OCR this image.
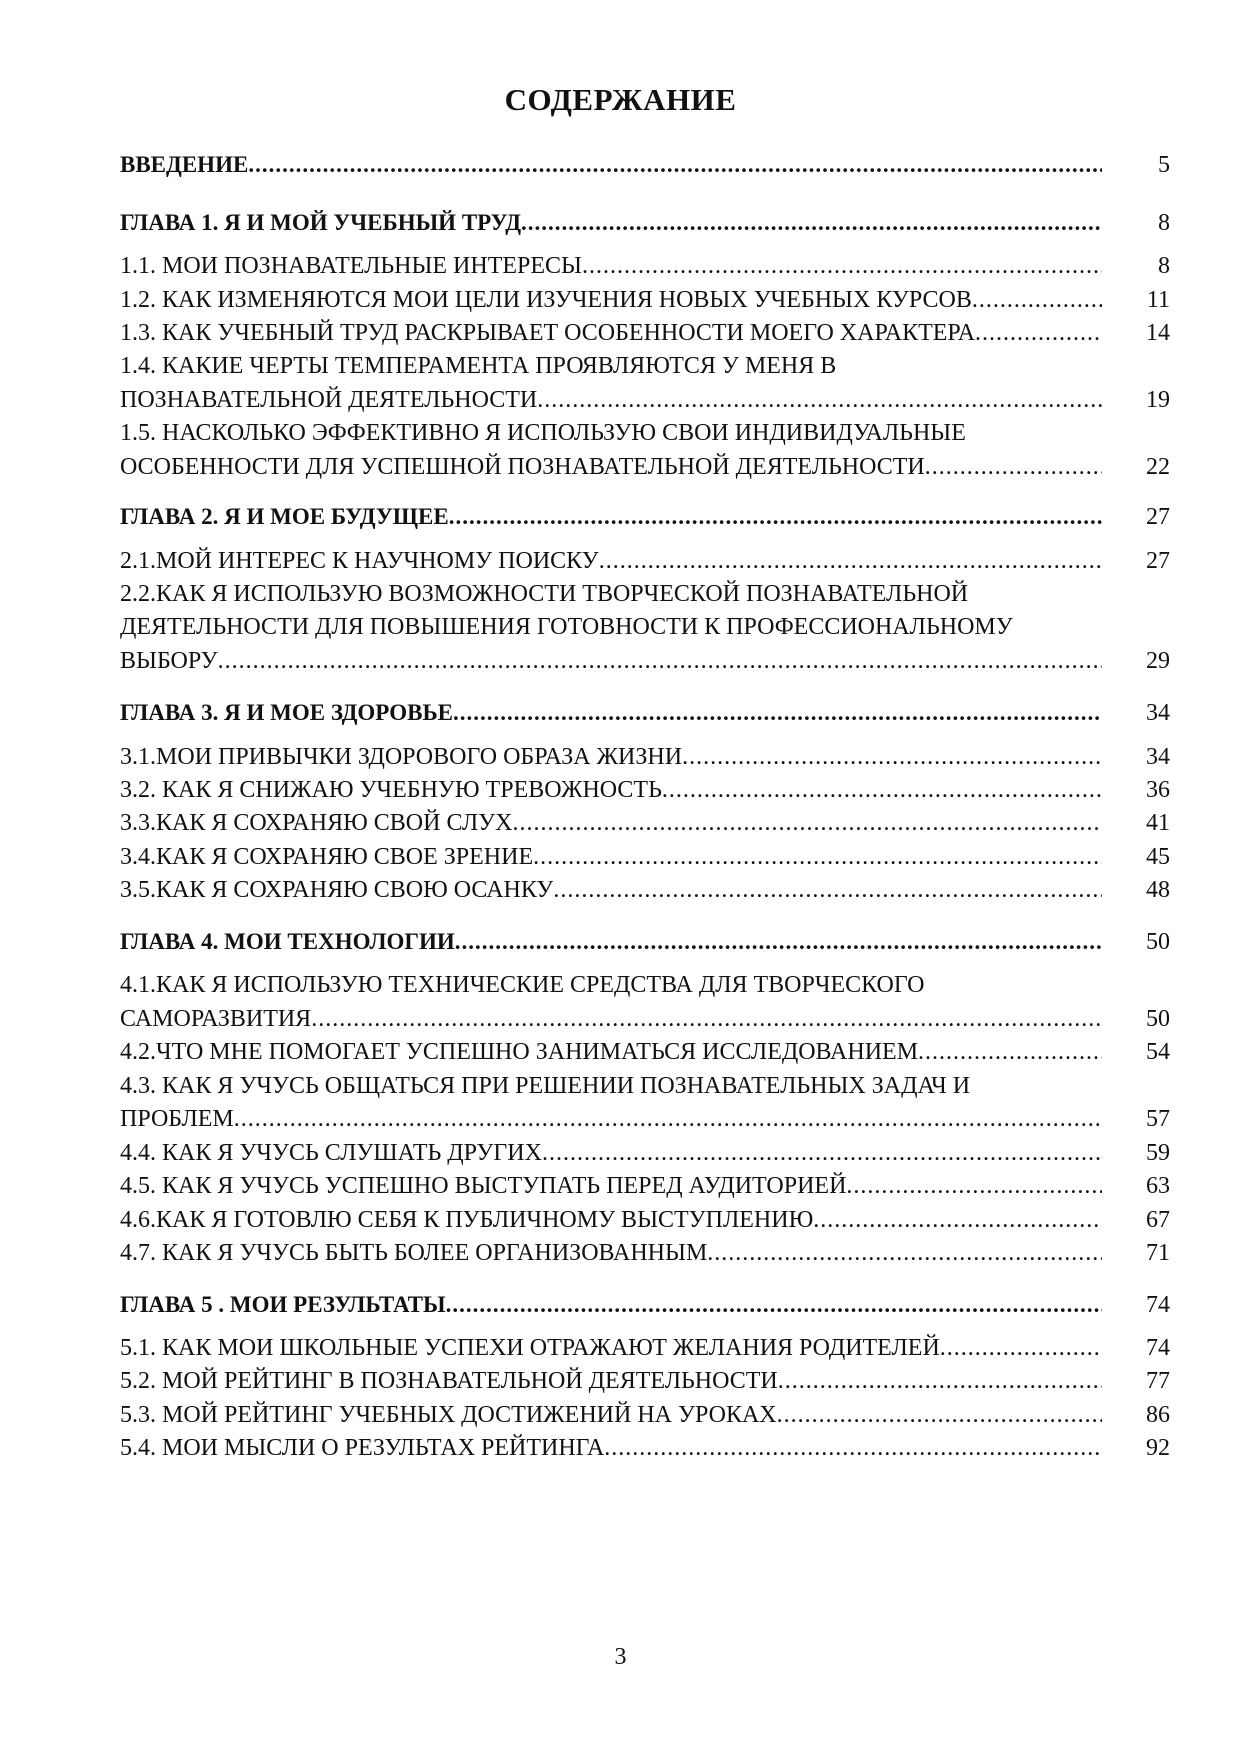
СОДЕРЖАНИЕ
ВВЕДЕНИЕ .....	5
ГЛАВА 1. Я И МОЙ УЧЕБНЫЙ ТРУД .....	8
1.1. МОИ ПОЗНАВАТЕЛЬНЫЕ ИНТЕРЕСЫ .....	8
1.2. КАК ИЗМЕНЯЮТСЯ МОИ ЦЕЛИ ИЗУЧЕНИЯ НОВЫХ УЧЕБНЫХ КУРСОВ .....	11
1.3. КАК УЧЕБНЫЙ ТРУД РАСКРЫВАЕТ ОСОБЕННОСТИ МОЕГО ХАРАКТЕРА .....	14
1.4. КАКИЕ ЧЕРТЫ ТЕМПЕРАМЕНТА ПРОЯВЛЯЮТСЯ У МЕНЯ В
ПОЗНАВАТЕЛЬНОЙ ДЕЯТЕЛЬНОСТИ .....	19
1.5. НАСКОЛЬКО ЭФФЕКТИВНО Я ИСПОЛЬЗУЮ СВОИ ИНДИВИДУАЛЬНЫЕ
ОСОБЕННОСТИ ДЛЯ УСПЕШНОЙ ПОЗНАВАТЕЛЬНОЙ ДЕЯТЕЛЬНОСТИ .....	22
ГЛАВА 2. Я И МОЕ БУДУЩЕЕ .....	27
2.1.МОЙ ИНТЕРЕС К НАУЧНОМУ ПОИСКУ .....	27
2.2.КАК Я ИСПОЛЬЗУЮ ВОЗМОЖНОСТИ ТВОРЧЕСКОЙ ПОЗНАВАТЕЛЬНОЙ
ДЕЯТЕЛЬНОСТИ ДЛЯ ПОВЫШЕНИЯ ГОТОВНОСТИ К ПРОФЕССИОНАЛЬНОМУ
ВЫБОРУ .....	29
ГЛАВА 3. Я И МОЕ ЗДОРОВЬЕ .....	34
3.1.МОИ ПРИВЫЧКИ ЗДОРОВОГО ОБРАЗА ЖИЗНИ .....	34
3.2. КАК Я СНИЖАЮ УЧЕБНУЮ ТРЕВОЖНОСТЬ .....	36
3.3.КАК Я СОХРАНЯЮ СВОЙ СЛУХ .....	41
3.4.КАК Я СОХРАНЯЮ СВОЕ ЗРЕНИЕ .....	45
3.5.КАК Я СОХРАНЯЮ СВОЮ ОСАНКУ .....	48
ГЛАВА 4. МОИ ТЕХНОЛОГИИ .....	50
4.1.КАК Я ИСПОЛЬЗУЮ ТЕХНИЧЕСКИЕ СРЕДСТВА ДЛЯ ТВОРЧЕСКОГО
САМОРАЗВИТИЯ .....	50
4.2.ЧТО МНЕ ПОМОГАЕТ УСПЕШНО ЗАНИМАТЬСЯ ИССЛЕДОВАНИЕМ .....	54
4.3. КАК Я УЧУСЬ ОБЩАТЬСЯ ПРИ РЕШЕНИИ ПОЗНАВАТЕЛЬНЫХ ЗАДАЧ И
ПРОБЛЕМ .....	57
4.4. КАК Я УЧУСЬ СЛУШАТЬ ДРУГИХ .....	59
4.5. КАК Я УЧУСЬ УСПЕШНО ВЫСТУПАТЬ ПЕРЕД АУДИТОРИЕЙ .....	63
4.6.КАК Я ГОТОВЛЮ СЕБЯ К ПУБЛИЧНОМУ ВЫСТУПЛЕНИЮ .....	67
4.7. КАК Я УЧУСЬ БЫТЬ БОЛЕЕ ОРГАНИЗОВАННЫМ .....	71
ГЛАВА 5 . МОИ РЕЗУЛЬТАТЫ .....	74
5.1. КАК МОИ ШКОЛЬНЫЕ УСПЕХИ ОТРАЖАЮТ ЖЕЛАНИЯ РОДИТЕЛЕЙ .....	74
5.2. МОЙ РЕЙТИНГ В ПОЗНАВАТЕЛЬНОЙ ДЕЯТЕЛЬНОСТИ .....	77
5.3. МОЙ РЕЙТИНГ УЧЕБНЫХ ДОСТИЖЕНИЙ НА УРОКАХ .....	86
5.4. МОИ МЫСЛИ О РЕЗУЛЬТАХ РЕЙТИНГА .....	92
3
